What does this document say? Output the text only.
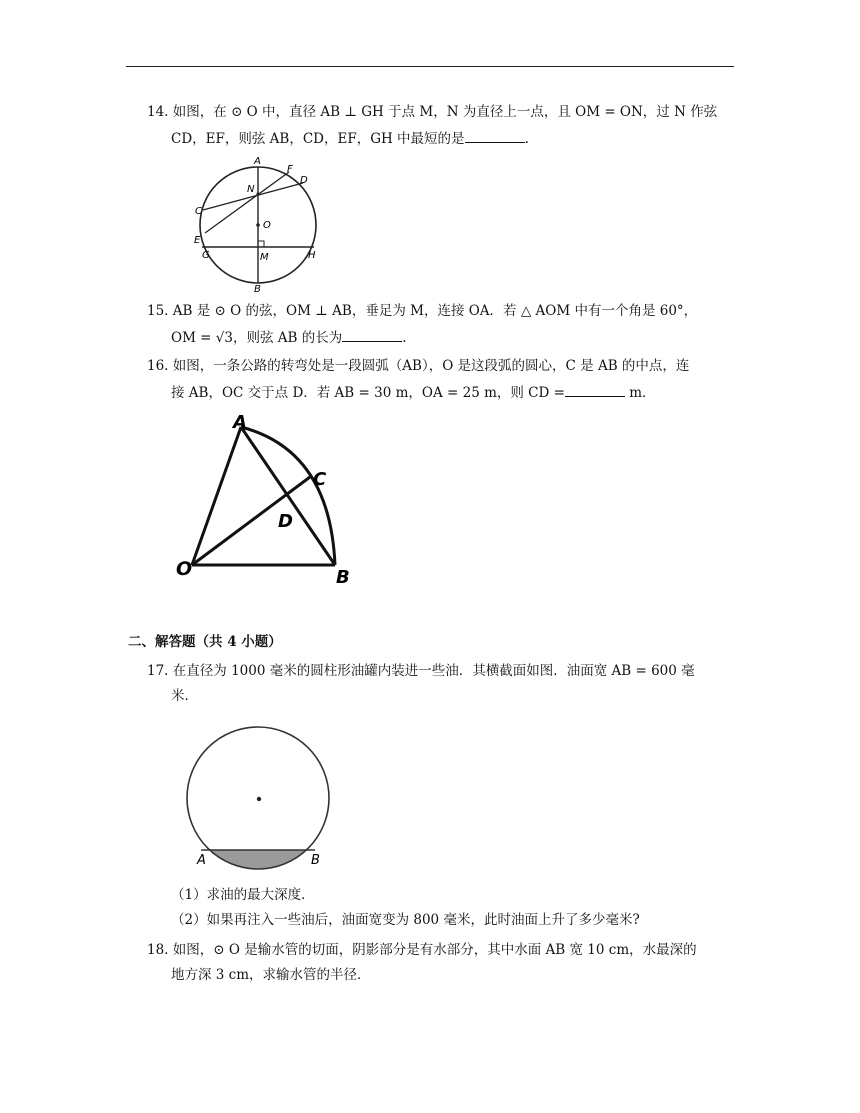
14. 如图，在 ⊙ O 中，直径 AB ⊥ GH 于点 M，N 为直径上一点，且 OM = ON，过 N 作弦
CD，EF，则弦 AB，CD，EF，GH 中最短的是	.
A
B
C
D
E
F
G	H
M
N
O
15. AB 是 ⊙ O 的弦，OM ⊥ AB，垂足为 M，连接 OA．若 △ AOM 中有一个角是 60°，
OM = √3，则弦 AB 的长为	.
16. 如图，一条公路的转弯处是一段圆弧（AB），O 是这段弧的圆心，C 是 AB 的中点，连
接 AB，OC 交于点 D．若 AB = 30 m，OA = 25 m，则 CD =	m．
A
B
C
D
O
二、解答题（共 4 小题）
17. 在直径为 1000 毫米的圆柱形油罐内装进一些油．其横截面如图．油面宽 AB = 600 毫
米．
A	B
（1）求油的最大深度．
（2）如果再注入一些油后，油面宽变为 800 毫米，此时油面上升了多少毫米?
18. 如图，⊙ O 是输水管的切面，阴影部分是有水部分，其中水面 AB 宽 10 cm，水最深的
地方深 3 cm，求输水管的半径．
